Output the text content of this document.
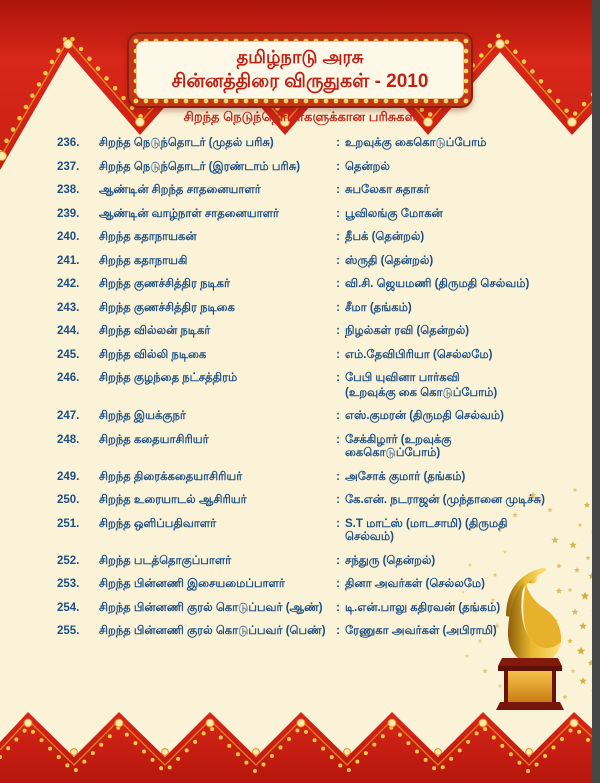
தமிழ்நாடு அரசு
சின்னத்திரை விருதுகள் - 2010
சிறந்த நெடுந்தொடர்களுக்கான பரிசுகள்
236.	சிறந்த நெடுந்தொடர் (முதல் பரிசு)	: உறவுக்கு கைகொடுப்போம்
237.	சிறந்த நெடுந்தொடர் (இரண்டாம் பரிசு)	: தென்றல்
238.	ஆண்டின் சிறந்த சாதனையாளர்	: சுபலேகா சுதாகர்
239.	ஆண்டின் வாழ்நாள் சாதனையாளர்	: பூவிலங்கு மோகன்
240.	சிறந்த கதாநாயகன்	: தீபக் (தென்றல்)
241.	சிறந்த கதாநாயகி	: ஸ்ருதி (தென்றல்)
242.	சிறந்த குணச்சித்திர நடிகர்	: வி.சி. ஜெயமணி (திருமதி செல்வம்)
243.	சிறந்த குணச்சித்திர நடிகை	: சீமா (தங்கம்)
244.	சிறந்த வில்லன் நடிகர்	: நிழல்கள் ரவி (தென்றல்)
245.	சிறந்த வில்லி நடிகை	: எம்.தேவிபிரியா (செல்லமே)
246.	சிறந்த குழந்தை நட்சத்திரம்	: பேபி யுவினா பார்கவி
(உறவுக்கு கை கொடுப்போம்)
247.	சிறந்த இயக்குநர்	: எஸ்.குமரன் (திருமதி செல்வம்)
248.	சிறந்த கதையாசிரியர்	: சேக்கிழார் (உறவுக்கு கைகொடுப்போம்)
249.	சிறந்த திரைக்கதையாசிரியர்	: அசோக் குமார் (தங்கம்)
250.	சிறந்த உரையாடல் ஆசிரியர்	: கே.என். நடராஜன் (முந்தானை முடிச்சு)
251.	சிறந்த ஒளிப்பதிவாளர்	: S.T மாட்ஸ் (மாடசாமி) (திருமதி செல்வம்)
252.	சிறந்த படத்தொகுப்பாளர்	: சந்துரு (தென்றல்)
253.	சிறந்த பின்னணி இசையமைப்பாளர்	: தினா அவர்கள் (செல்லமே)
254.	சிறந்த பின்னணி குரல் கொடுப்பவர் (ஆண்)	: டி.என்.பாலு கதிரவன் (தங்கம்)
255.	சிறந்த பின்னணி குரல் கொடுப்பவர் (பெண்) : ரேணுகா அவர்கள் (அபிராமி)
